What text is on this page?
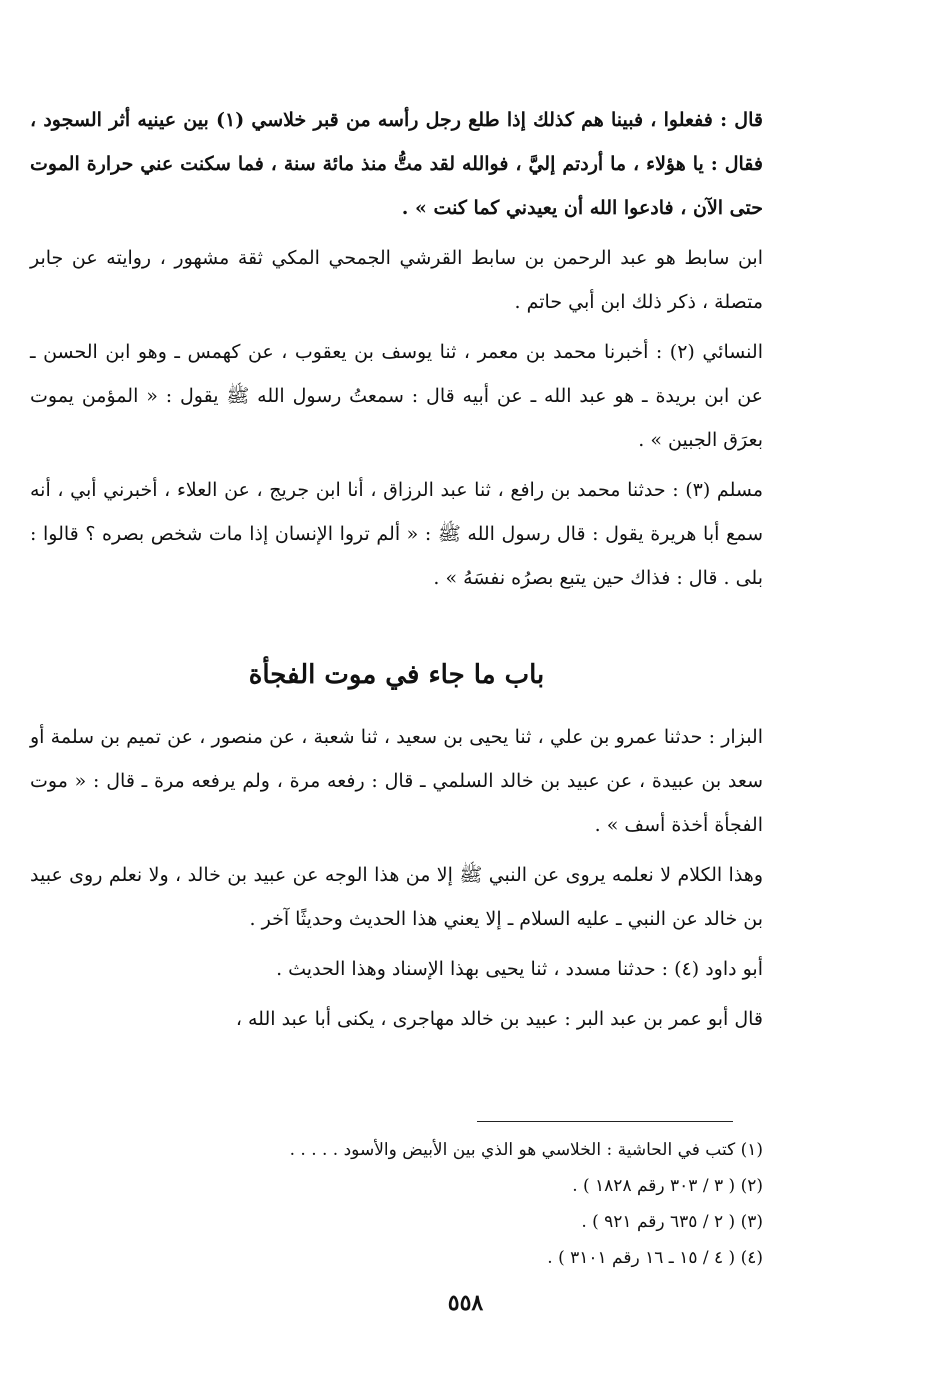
قال : ففعلوا ، فبينا هم كذلك إذا طلع رجل رأسه من قبر خلاسي (١) بين عينيه أثر السجود ، فقال : يا هؤلاء ، ما أردتم إليَّ ، فوالله لقد متُّ منذ مائة سنة ، فما سكنت عني حرارة الموت حتى الآن ، فادعوا الله أن يعيدني كما كنت » .

ابن سابط هو عبد الرحمن بن سابط القرشي الجمحي المكي ثقة مشهور ، روايته عن جابر متصلة ، ذكر ذلك ابن أبي حاتم .

النسائي (٢) : أخبرنا محمد بن معمر ، ثنا يوسف بن يعقوب ، عن كهمس ـ وهو ابن الحسن ـ عن ابن بريدة ـ هو عبد الله ـ عن أبيه قال : سمعتُ رسول الله ﷺ يقول : « المؤمن يموت بعرَق الجبين » .

مسلم (٣) : حدثنا محمد بن رافع ، ثنا عبد الرزاق ، أنا ابن جريج ، عن العلاء ، أخبرني أبي ، أنه سمع أبا هريرة يقول : قال رسول الله ﷺ : « ألم تروا الإنسان إذا مات شخص بصره ؟ قالوا : بلى . قال : فذاك حين يتبع بصرُه نفسَهُ » .

باب ما جاء في موت الفجأة

البزار : حدثنا عمرو بن علي ، ثنا يحيى بن سعيد ، ثنا شعبة ، عن منصور ، عن تميم بن سلمة أو سعد بن عبيدة ، عن عبيد بن خالد السلمي ـ قال : رفعه مرة ، ولم يرفعه مرة ـ قال : « موت الفجأة أخذة أسف » .

وهذا الكلام لا نعلمه يروى عن النبي ﷺ إلا من هذا الوجه عن عبيد بن خالد ، ولا نعلم روى عبيد بن خالد عن النبي ـ عليه السلام ـ إلا يعني هذا الحديث وحديثًا آخر .

أبو داود (٤) : حدثنا مسدد ، ثنا يحيى بهذا الإسناد وهذا الحديث .

قال أبو عمر بن عبد البر : عبيد بن خالد مهاجرى ، يكنى أبا عبد الله ،

(١) كتب في الحاشية : الخلاسي هو الذي بين الأبيض والأسود . . . . .
(٢) ( ٣ / ٣٠٣ رقم ١٨٢٨ ) .
(٣) ( ٢ / ٦٣٥ رقم ٩٢١ ) .
(٤) ( ٤ / ١٥ ـ ١٦ رقم ٣١٠١ ) .
٥٥٨
